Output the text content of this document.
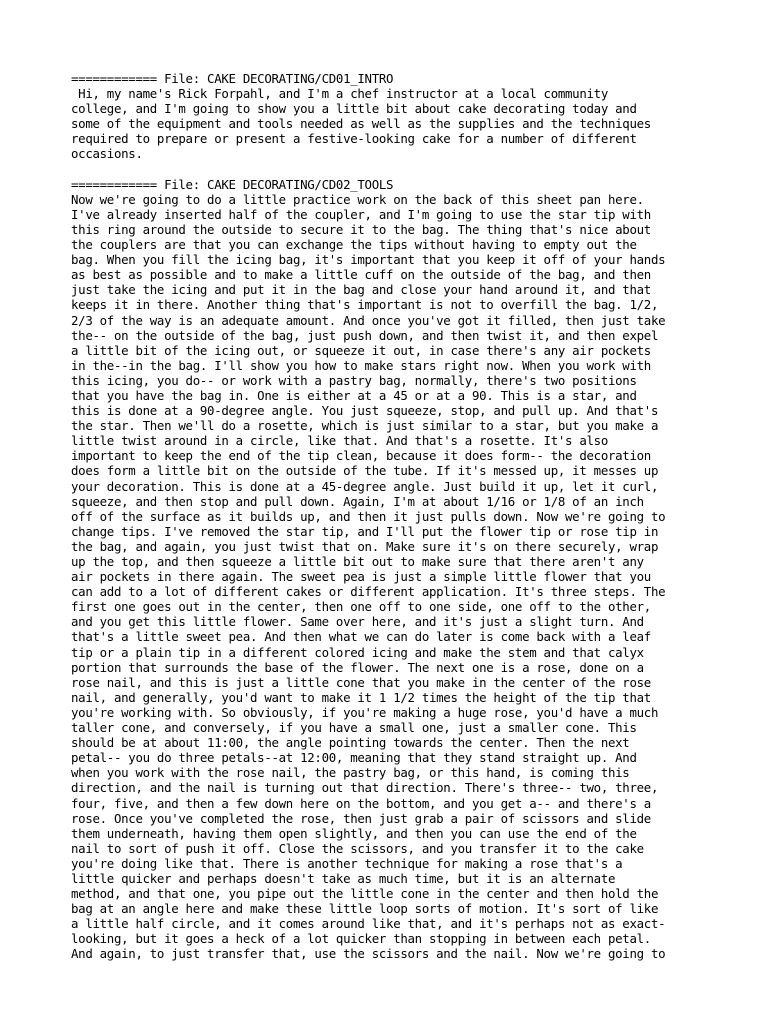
============ File: CAKE DECORATING/CD01_INTRO
Hi, my name's Rick Forpahl, and I'm a chef instructor at a local community
college, and I'm going to show you a little bit about cake decorating today and
some of the equipment and tools needed as well as the supplies and the techniques
required to prepare or present a festive-looking cake for a number of different
occasions.
============ File: CAKE DECORATING/CD02_TOOLS
Now we're going to do a little practice work on the back of this sheet pan here.
I've already inserted half of the coupler, and I'm going to use the star tip with
this ring around the outside to secure it to the bag. The thing that's nice about
the couplers are that you can exchange the tips without having to empty out the
bag. When you fill the icing bag, it's important that you keep it off of your hands
as best as possible and to make a little cuff on the outside of the bag, and then
just take the icing and put it in the bag and close your hand around it, and that
keeps it in there. Another thing that's important is not to overfill the bag. 1/2,
2/3 of the way is an adequate amount. And once you've got it filled, then just take
the-- on the outside of the bag, just push down, and then twist it, and then expel
a little bit of the icing out, or squeeze it out, in case there's any air pockets
in the--in the bag. I'll show you how to make stars right now. When you work with
this icing, you do-- or work with a pastry bag, normally, there's two positions
that you have the bag in. One is either at a 45 or at a 90. This is a star, and
this is done at a 90-degree angle. You just squeeze, stop, and pull up. And that's
the star. Then we'll do a rosette, which is just similar to a star, but you make a
little twist around in a circle, like that. And that's a rosette. It's also
important to keep the end of the tip clean, because it does form-- the decoration
does form a little bit on the outside of the tube. If it's messed up, it messes up
your decoration. This is done at a 45-degree angle. Just build it up, let it curl,
squeeze, and then stop and pull down. Again, I'm at about 1/16 or 1/8 of an inch
off of the surface as it builds up, and then it just pulls down. Now we're going to
change tips. I've removed the star tip, and I'll put the flower tip or rose tip in
the bag, and again, you just twist that on. Make sure it's on there securely, wrap
up the top, and then squeeze a little bit out to make sure that there aren't any
air pockets in there again. The sweet pea is just a simple little flower that you
can add to a lot of different cakes or different application. It's three steps. The
first one goes out in the center, then one off to one side, one off to the other,
and you get this little flower. Same over here, and it's just a slight turn. And
that's a little sweet pea. And then what we can do later is come back with a leaf
tip or a plain tip in a different colored icing and make the stem and that calyx
portion that surrounds the base of the flower. The next one is a rose, done on a
rose nail, and this is just a little cone that you make in the center of the rose
nail, and generally, you'd want to make it 1 1/2 times the height of the tip that
you're working with. So obviously, if you're making a huge rose, you'd have a much
taller cone, and conversely, if you have a small one, just a smaller cone. This
should be at about 11:00, the angle pointing towards the center. Then the next
petal-- you do three petals--at 12:00, meaning that they stand straight up. And
when you work with the rose nail, the pastry bag, or this hand, is coming this
direction, and the nail is turning out that direction. There's three-- two, three,
four, five, and then a few down here on the bottom, and you get a-- and there's a
rose. Once you've completed the rose, then just grab a pair of scissors and slide
them underneath, having them open slightly, and then you can use the end of the
nail to sort of push it off. Close the scissors, and you transfer it to the cake
you're doing like that. There is another technique for making a rose that's a
little quicker and perhaps doesn't take as much time, but it is an alternate
method, and that one, you pipe out the little cone in the center and then hold the
bag at an angle here and make these little loop sorts of motion. It's sort of like
a little half circle, and it comes around like that, and it's perhaps not as exact-
looking, but it goes a heck of a lot quicker than stopping in between each petal.
And again, to just transfer that, use the scissors and the nail. Now we're going to
